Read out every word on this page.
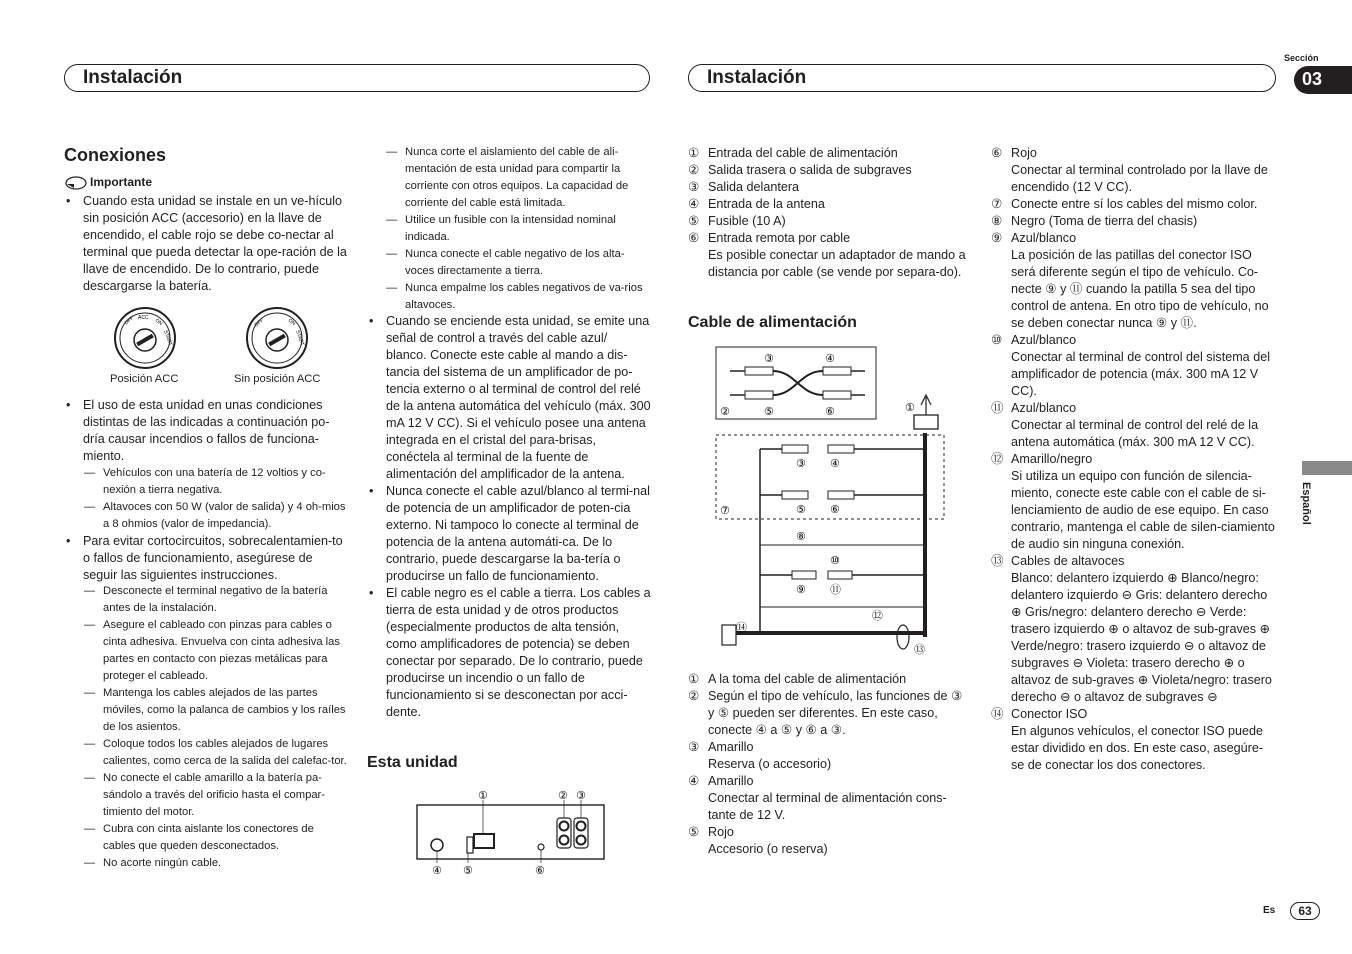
Instalación	Instalación
Sección
03
Conexiones
Importante
• Cuando esta unidad se instale en un ve-hículo sin posición ACC (accesorio) en la llave de encendido, el cable rojo se debe co-nectar al terminal que pueda detectar la ope-ración de la llave de encendido. De lo contrario, puede descargarse la batería.
OFF ACC ON
START
OFF	ON
START
Posición ACC	Sin posición ACC
• El uso de esta unidad en unas condiciones distintas de las indicadas a continuación po-dría causar incendios o fallos de funciona-miento.
— Vehículos con una batería de 12 voltios y co-nexión a tierra negativa.
— Altavoces con 50 W (valor de salida) y 4 oh-mios a 8 ohmios (valor de impedancia).
• Para evitar cortocircuitos, sobrecalentamien-to o fallos de funcionamiento, asegúrese de seguir las siguientes instrucciones.
— Desconecte el terminal negativo de la batería antes de la instalación.
— Asegure el cableado con pinzas para cables o cinta adhesiva. Envuelva con cinta adhesiva las partes en contacto con piezas metálicas para proteger el cableado.
— Mantenga los cables alejados de las partes móviles, como la palanca de cambios y los raíles de los asientos.
— Coloque todos los cables alejados de lugares calientes, como cerca de la salida del calefac-tor.
— No conecte el cable amarillo a la batería pa-sándolo a través del orificio hasta el compar-timiento del motor.
— Cubra con cinta aislante los conectores de cables que queden desconectados.
— No acorte ningún cable.
— Nunca corte el aislamiento del cable de ali-mentación de esta unidad para compartir la corriente con otros equipos. La capacidad de corriente del cable está limitada.
— Utilice un fusible con la intensidad nominal indicada.
— Nunca conecte el cable negativo de los alta-voces directamente a tierra.
— Nunca empalme los cables negativos de va-rios altavoces.
• Cuando se enciende esta unidad, se emite una señal de control a través del cable azul/ blanco. Conecte este cable al mando a dis-tancia del sistema de un amplificador de po-tencia externo o al terminal de control del relé de la antena automática del vehículo (máx. 300 mA 12 V CC). Si el vehículo posee una antena integrada en el cristal del para-brisas, conéctela al terminal de la fuente de alimentación del amplificador de la antena.
• Nunca conecte el cable azul/blanco al termi-nal de potencia de un amplificador de poten-cia externo. Ni tampoco lo conecte al terminal de potencia de la antena automáti-ca. De lo contrario, puede descargarse la ba-tería o producirse un fallo de funcionamiento.
• El cable negro es el cable a tierra. Los cables a tierra de esta unidad y de otros productos (especialmente productos de alta tensión, como amplificadores de potencia) se deben conectar por separado. De lo contrario, puede producirse un incendio o un fallo de funcionamiento si se desconectan por acci-dente.
Esta unidad
①	② ③
④ ⑤	⑥
① Entrada del cable de alimentación
② Salida trasera o salida de subgraves
③ Salida delantera
④ Entrada de la antena
⑤ Fusible (10 A)
⑥ Entrada remota por cable
Es posible conectar un adaptador de mando a distancia por cable (se vende por separa-do).
Cable de alimentación
①
②
③	④
⑤	⑥
③ ④
⑤ ⑥
⑦
⑧
⑩
⑨ ⑪
⑫
⑬
⑭
① A la toma del cable de alimentación
② Según el tipo de vehículo, las funciones de ③ y ⑤ pueden ser diferentes. En este caso, conecte ④ a ⑤ y ⑥ a ③.
③ Amarillo
Reserva (o accesorio)
④ Amarillo
Conectar al terminal de alimentación cons-tante de 12 V.
⑤ Rojo
Accesorio (o reserva)
⑥ Rojo
Conectar al terminal controlado por la llave de encendido (12 V CC).
⑦ Conecte entre sí los cables del mismo color.
⑧ Negro (Toma de tierra del chasis)
⑨ Azul/blanco
La posición de las patillas del conector ISO será diferente según el tipo de vehículo. Co-necte ⑨ y ⑪ cuando la patilla 5 sea del tipo control de antena. En otro tipo de vehículo, no se deben conectar nunca ⑨ y ⑪.
⑩ Azul/blanco
Conectar al terminal de control del sistema del amplificador de potencia (máx. 300 mA 12 V CC).
⑪ Azul/blanco
Conectar al terminal de control del relé de la antena automática (máx. 300 mA 12 V CC).
⑫ Amarillo/negro
Si utiliza un equipo con función de silencia-miento, conecte este cable con el cable de si-lenciamiento de audio de ese equipo. En caso contrario, mantenga el cable de silen-ciamiento de audio sin ninguna conexión.
⑬ Cables de altavoces
Blanco: delantero izquierdo ⊕ Blanco/negro: delantero izquierdo ⊖ Gris: delantero derecho ⊕ Gris/negro: delantero derecho ⊖ Verde: trasero izquierdo ⊕ o altavoz de sub-graves ⊕ Verde/negro: trasero izquierdo ⊖ o altavoz de subgraves ⊖ Violeta: trasero derecho ⊕ o altavoz de sub-graves ⊕ Violeta/negro: trasero derecho ⊖ o altavoz de subgraves ⊖
⑭ Conector ISO
En algunos vehículos, el conector ISO puede estar dividido en dos. En este caso, asegúre-se de conectar los dos conectores.
Español
Es	63
